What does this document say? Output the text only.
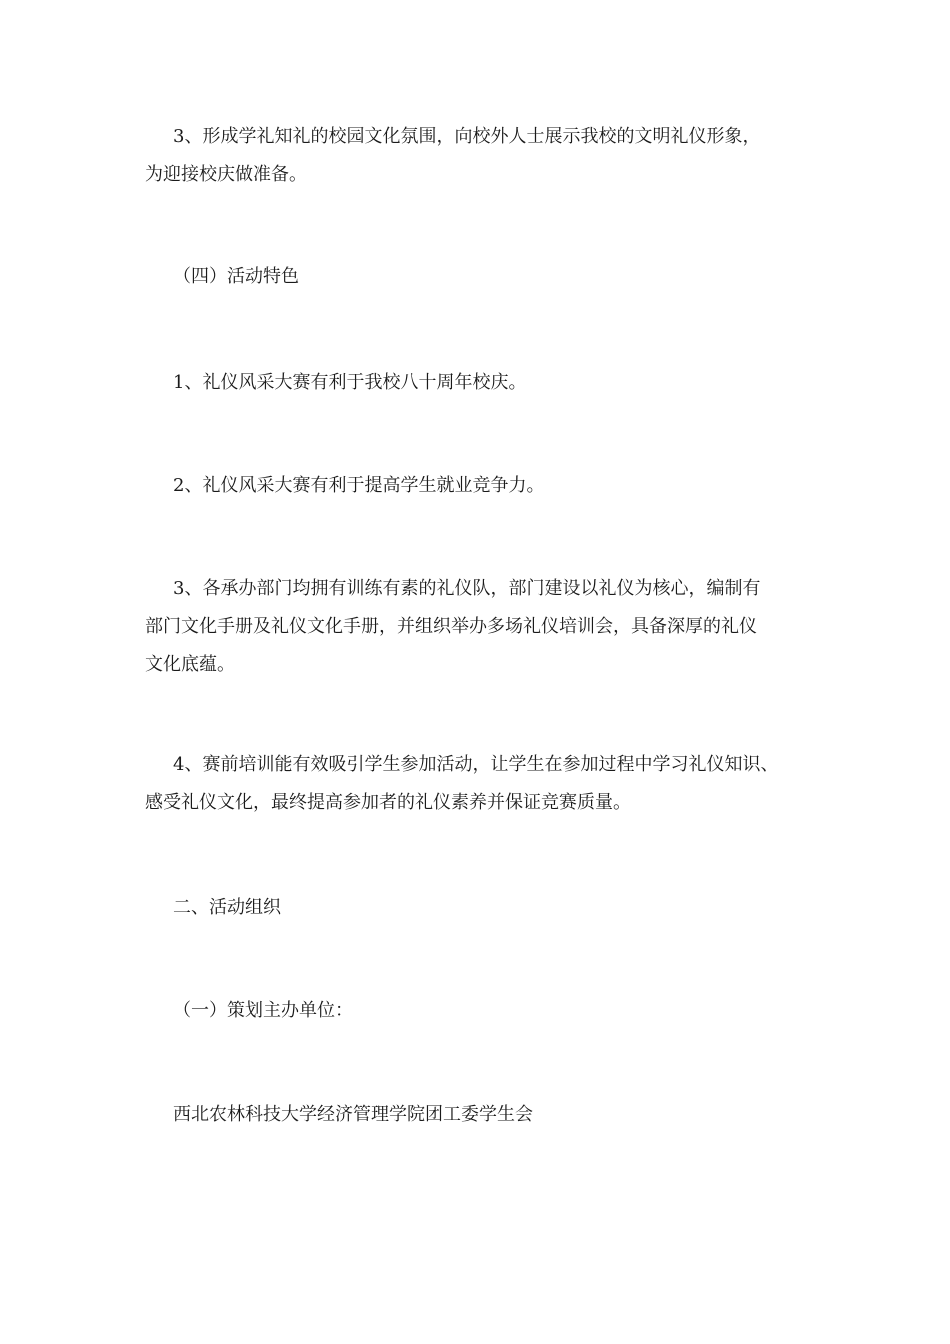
3、形成学礼知礼的校园文化氛围，向校外人士展示我校的文明礼仪形象，
为迎接校庆做准备。

（四）活动特色

1、礼仪风采大赛有利于我校八十周年校庆。

2、礼仪风采大赛有利于提高学生就业竞争力。

3、各承办部门均拥有训练有素的礼仪队，部门建设以礼仪为核心，编制有
部门文化手册及礼仪文化手册，并组织举办多场礼仪培训会，具备深厚的礼仪
文化底蕴。

4、赛前培训能有效吸引学生参加活动，让学生在参加过程中学习礼仪知识、
感受礼仪文化，最终提高参加者的礼仪素养并保证竞赛质量。

二、活动组织

（一）策划主办单位：

西北农林科技大学经济管理学院团工委学生会
